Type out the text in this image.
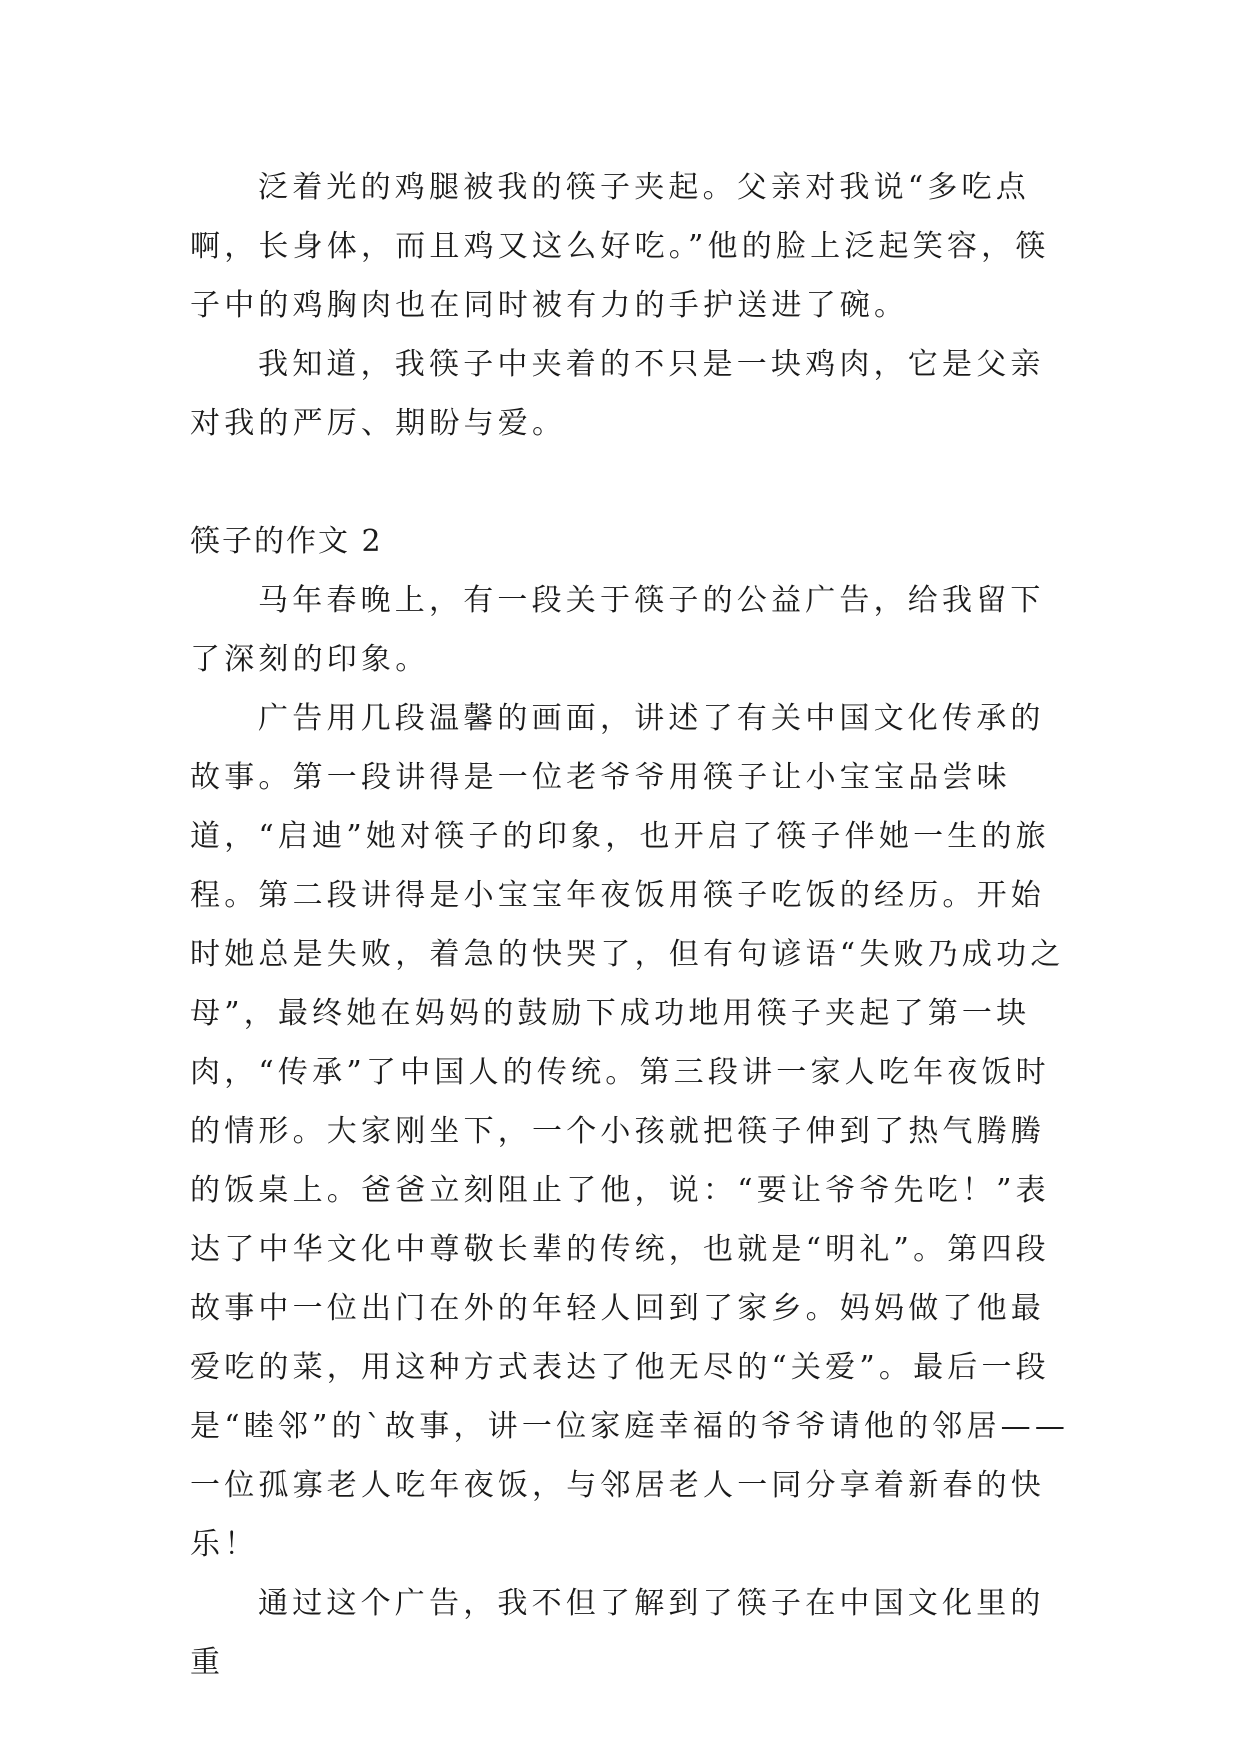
泛着光的鸡腿被我的筷子夹起。父亲对我说“多吃点啊，长身体，而且鸡又这么好吃。”他的脸上泛起笑容，筷子中的鸡胸肉也在同时被有力的手护送进了碗。

我知道，我筷子中夹着的不只是一块鸡肉，它是父亲对我的严厉、期盼与爱。

筷子的作文 2

马年春晚上，有一段关于筷子的公益广告，给我留下了深刻的印象。

广告用几段温馨的画面，讲述了有关中国文化传承的故事。第一段讲得是一位老爷爷用筷子让小宝宝品尝味道，“启迪”她对筷子的印象，也开启了筷子伴她一生的旅程。第二段讲得是小宝宝年夜饭用筷子吃饭的经历。开始时她总是失败，着急的快哭了，但有句谚语“失败乃成功之母”，最终她在妈妈的鼓励下成功地用筷子夹起了第一块肉，“传承”了中国人的传统。第三段讲一家人吃年夜饭时的情形。大家刚坐下，一个小孩就把筷子伸到了热气腾腾的饭桌上。爸爸立刻阻止了他，说：“要让爷爷先吃！”表达了中华文化中尊敬长辈的传统，也就是“明礼”。第四段故事中一位出门在外的年轻人回到了家乡。妈妈做了他最爱吃的菜，用这种方式表达了他无尽的“关爱”。最后一段是“睦邻”的`故事，讲一位家庭幸福的爷爷请他的邻居——一位孤寡老人吃年夜饭，与邻居老人一同分享着新春的快乐！

通过这个广告，我不但了解到了筷子在中国文化里的重
